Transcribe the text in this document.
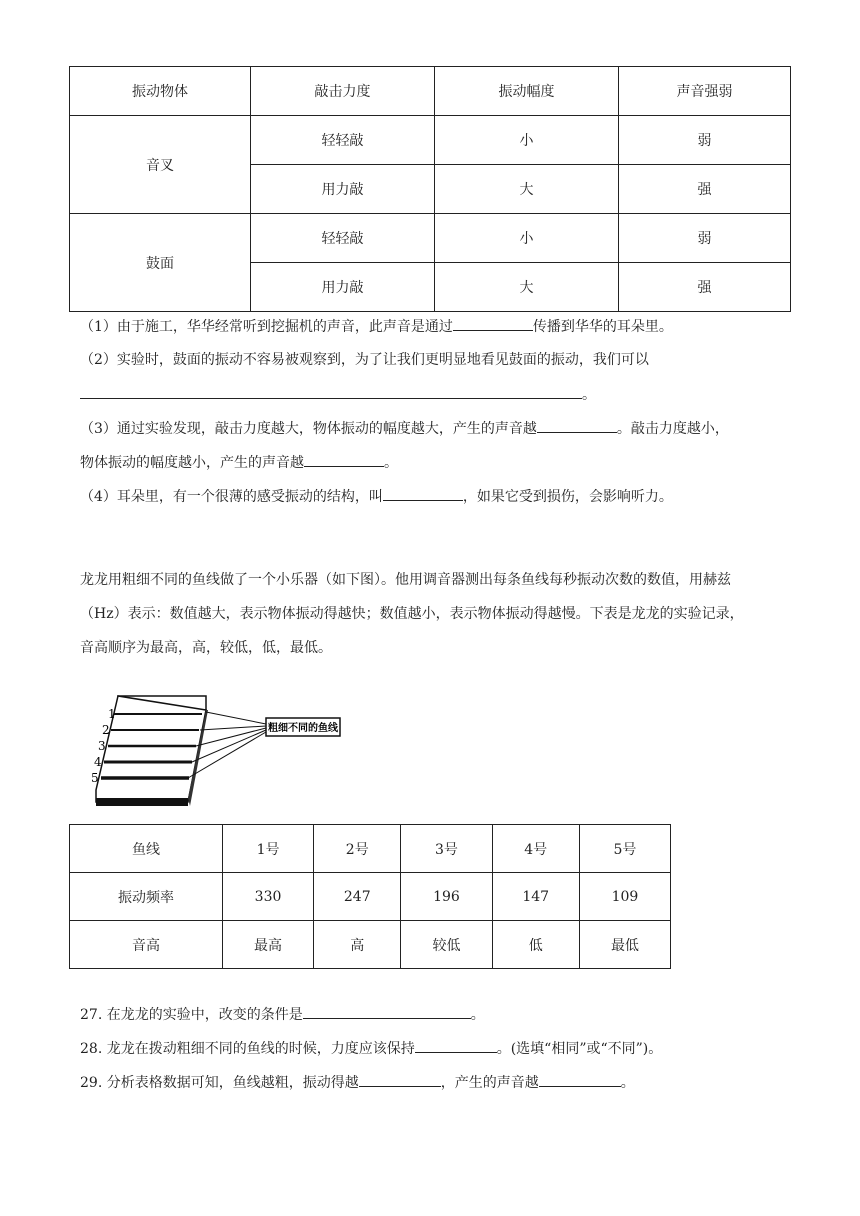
振动物体	敲击力度	振动幅度	声音强弱
音叉	轻轻敲	小	弱
	用力敲	大	强
鼓面	轻轻敲	小	弱
	用力敲	大	强
（1）由于施工，华华经常听到挖掘机的声音，此声音是通过	传播到华华的耳朵里。
（2）实验时，鼓面的振动不容易被观察到，为了让我们更明显地看见鼓面的振动，我们可以
。
（3）通过实验发现，敲击力度越大，物体振动的幅度越大，产生的声音越	。敲击力度越小，
物体振动的幅度越小，产生的声音越	。
（4）耳朵里，有一个很薄的感受振动的结构，叫	，如果它受到损伤，会影响听力。
龙龙用粗细不同的鱼线做了一个小乐器（如下图）。他用调音器测出每条鱼线每秒振动次数的数值，用赫兹
（Hz）表示：数值越大，表示物体振动得越快；数值越小，表示物体振动得越慢。下表是龙龙的实验记录，
音高顺序为最高，高，较低，低，最低。
粗细不同的鱼线
1
2
3
4
5
鱼线	1号	2号	3号	4号	5号
振动频率	330	247	196	147	109
音高	最高	高	较低	低	最低
27. 在龙龙的实验中，改变的条件是	。
28. 龙龙在拨动粗细不同的鱼线的时候，力度应该保持	。(选填“相同”或“不同”)。
29. 分析表格数据可知，鱼线越粗，振动得越	，产生的声音越	。
